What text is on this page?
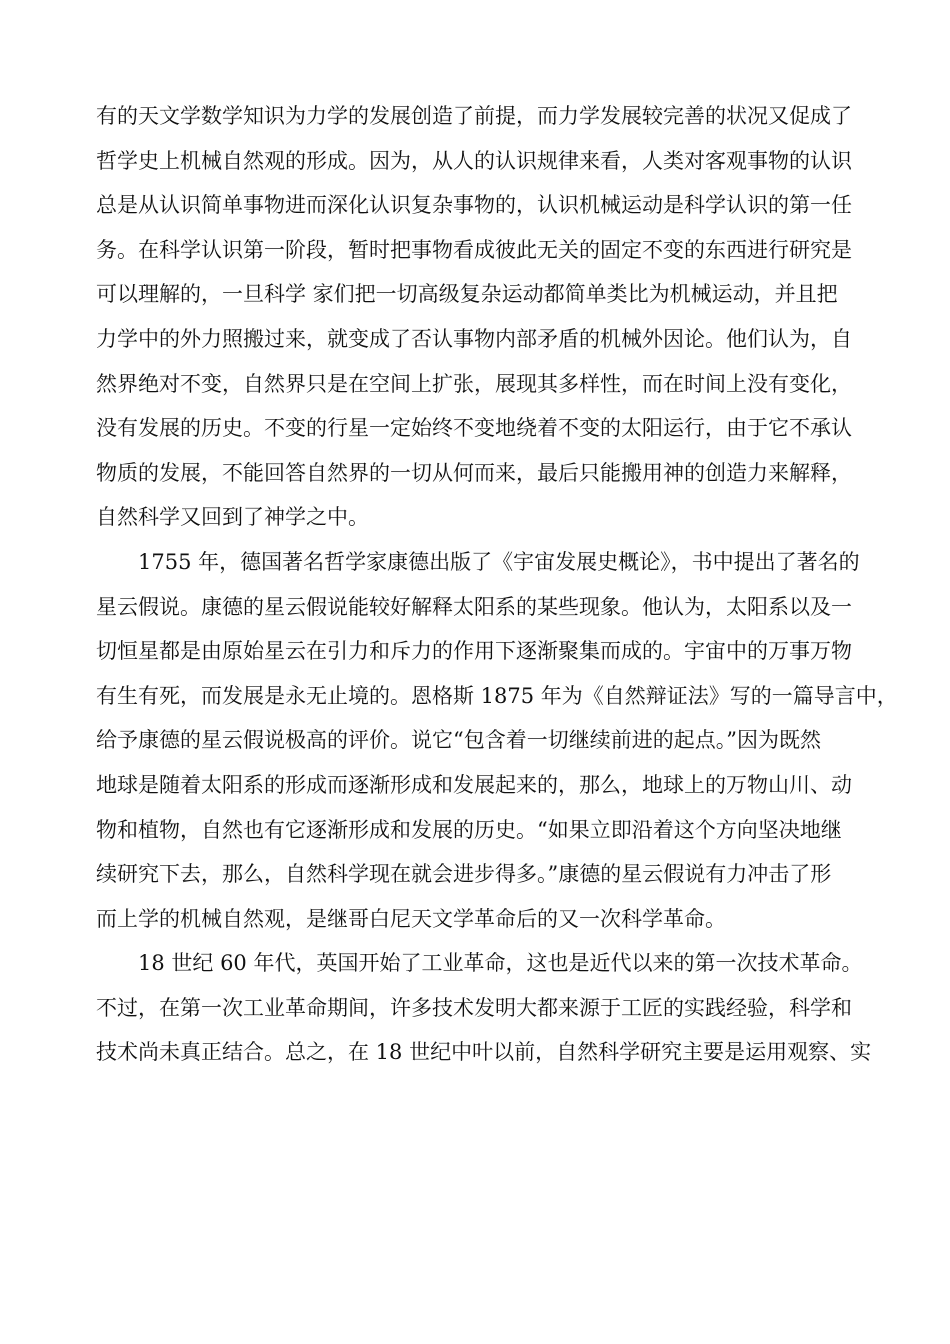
有的天文学数学知识为力学的发展创造了前提，而力学发展较完善的状况又促成了
哲学史上机械自然观的形成。因为，从人的认识规律来看，人类对客观事物的认识
总是从认识简单事物进而深化认识复杂事物的，认识机械运动是科学认识的第一任
务。在科学认识第一阶段，暂时把事物看成彼此无关的固定不变的东西进行研究是
可以理解的，一旦科学 家们把一切高级复杂运动都简单类比为机械运动，并且把
力学中的外力照搬过来，就变成了否认事物内部矛盾的机械外因论。他们认为，自
然界绝对不变，自然界只是在空间上扩张，展现其多样性，而在时间上没有变化，
没有发展的历史。不变的行星一定始终不变地绕着不变的太阳运行，由于它不承认
物质的发展，不能回答自然界的一切从何而来，最后只能搬用神的创造力来解释，
自然科学又回到了神学之中。
1755 年，德国著名哲学家康德出版了《宇宙发展史概论》，书中提出了著名的
星云假说。康德的星云假说能较好解释太阳系的某些现象。他认为，太阳系以及一
切恒星都是由原始星云在引力和斥力的作用下逐渐聚集而成的。宇宙中的万事万物
有生有死，而发展是永无止境的。恩格斯 1875 年为《自然辩证法》写的一篇导言中，
给予康德的星云假说极高的评价。说它“包含着一切继续前进的起点。”因为既然
地球是随着太阳系的形成而逐渐形成和发展起来的，那么，地球上的万物山川、动
物和植物，自然也有它逐渐形成和发展的历史。“如果立即沿着这个方向坚决地继
续研究下去，那么，自然科学现在就会进步得多。”康德的星云假说有力冲击了形
而上学的机械自然观，是继哥白尼天文学革命后的又一次科学革命。
18 世纪 60 年代，英国开始了工业革命，这也是近代以来的第一次技术革命。
不过，在第一次工业革命期间，许多技术发明大都来源于工匠的实践经验，科学和
技术尚未真正结合。总之，在 18 世纪中叶以前，自然科学研究主要是运用观察、实
